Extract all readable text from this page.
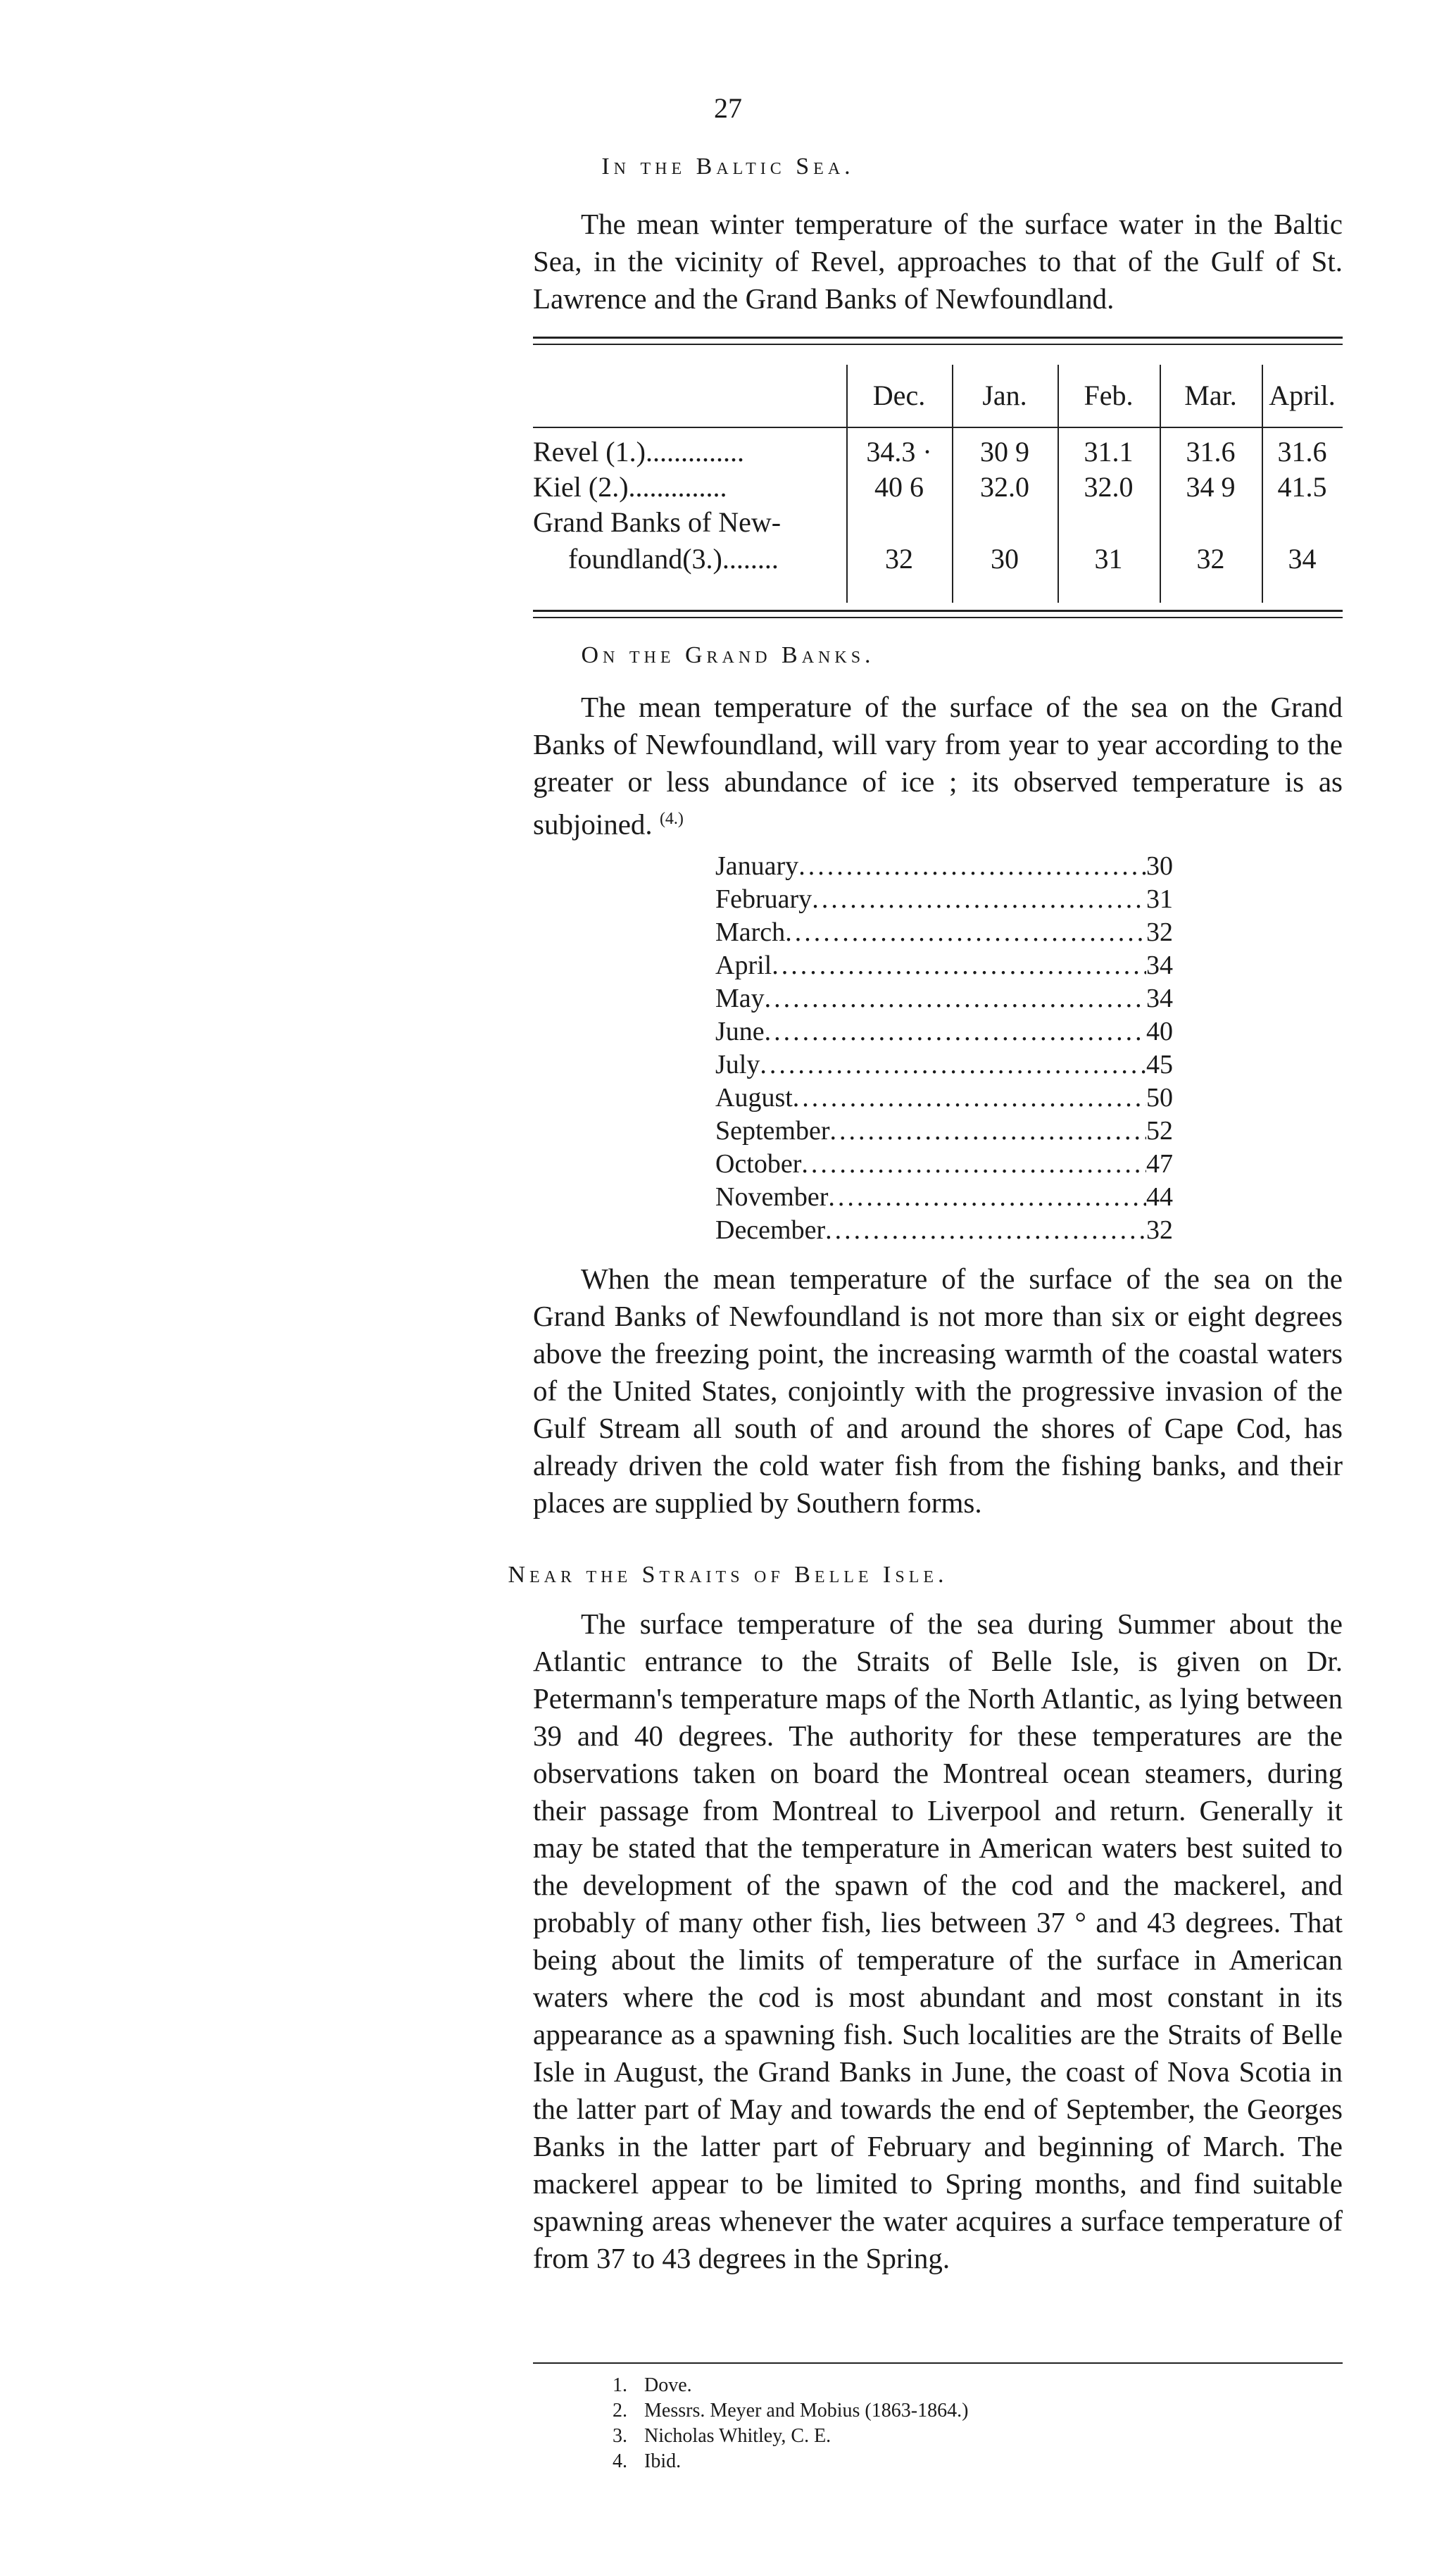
27
In the Baltic Sea.

The mean winter temperature of the surface water in the Baltic Sea, in the vicinity of Revel, approaches to that of the Gulf of St. Lawrence and the Grand Banks of Newfoundland.

Dec.	Jan.	Feb.	Mar.	April.
Revel (1.)..............	34.3 ·	30 9	31.1	31.6	31.6
Kiel (2.)..............	40 6	32.0	32.0	34 9	41.5
Grand Banks of New-
foundland(3.)........	32	30	31	32	34
On the Grand Banks.

The mean temperature of the surface of the sea on the Grand Banks of Newfoundland, will vary from year to year according to the greater or less abundance of ice ; its observed temperature is as subjoined. $^{(4.)}$

January .....	30
February .....	31
March .....	32
April .....	34
May .....	34
June .....	40
July .....	45
August .....	50
September .....	52
October .....	47
November .....	44
December .....	32

When the mean temperature of the surface of the sea on the Grand Banks of Newfoundland is not more than six or eight degrees above the freezing point, the increasing warmth of the coastal waters of the United States, conjointly with the progressive invasion of the Gulf Stream all south of and around the shores of Cape Cod, has already driven the cold water fish from the fishing banks, and their places are supplied by Southern forms.

Near the Straits of Belle Isle.

The surface temperature of the sea during Summer about the Atlantic entrance to the Straits of Belle Isle, is given on Dr. Petermann's temperature maps of the North Atlantic, as lying between 39 and 40 degrees. The authority for these temperatures are the observations taken on board the Montreal ocean steamers, during their passage from Montreal to Liverpool and return. Generally it may be stated that the temperature in American waters best suited to the development of the spawn of the cod and the mackerel, and probably of many other fish, lies between 37 ° and 43 degrees. That being about the limits of temperature of the surface in American waters where the cod is most abundant and most constant in its appearance as a spawning fish. Such localities are the Straits of Belle Isle in August, the Grand Banks in June, the coast of Nova Scotia in the latter part of May and towards the end of September, the Georges Banks in the latter part of February and beginning of March. The mackerel appear to be limited to Spring months, and find suitable spawning areas whenever the water acquires a surface temperature of from 37 to 43 degrees in the Spring.

1. Dove.
2. Messrs. Meyer and Mobius (1863-1864.)
3. Nicholas Whitley, C. E.
4. Ibid.
